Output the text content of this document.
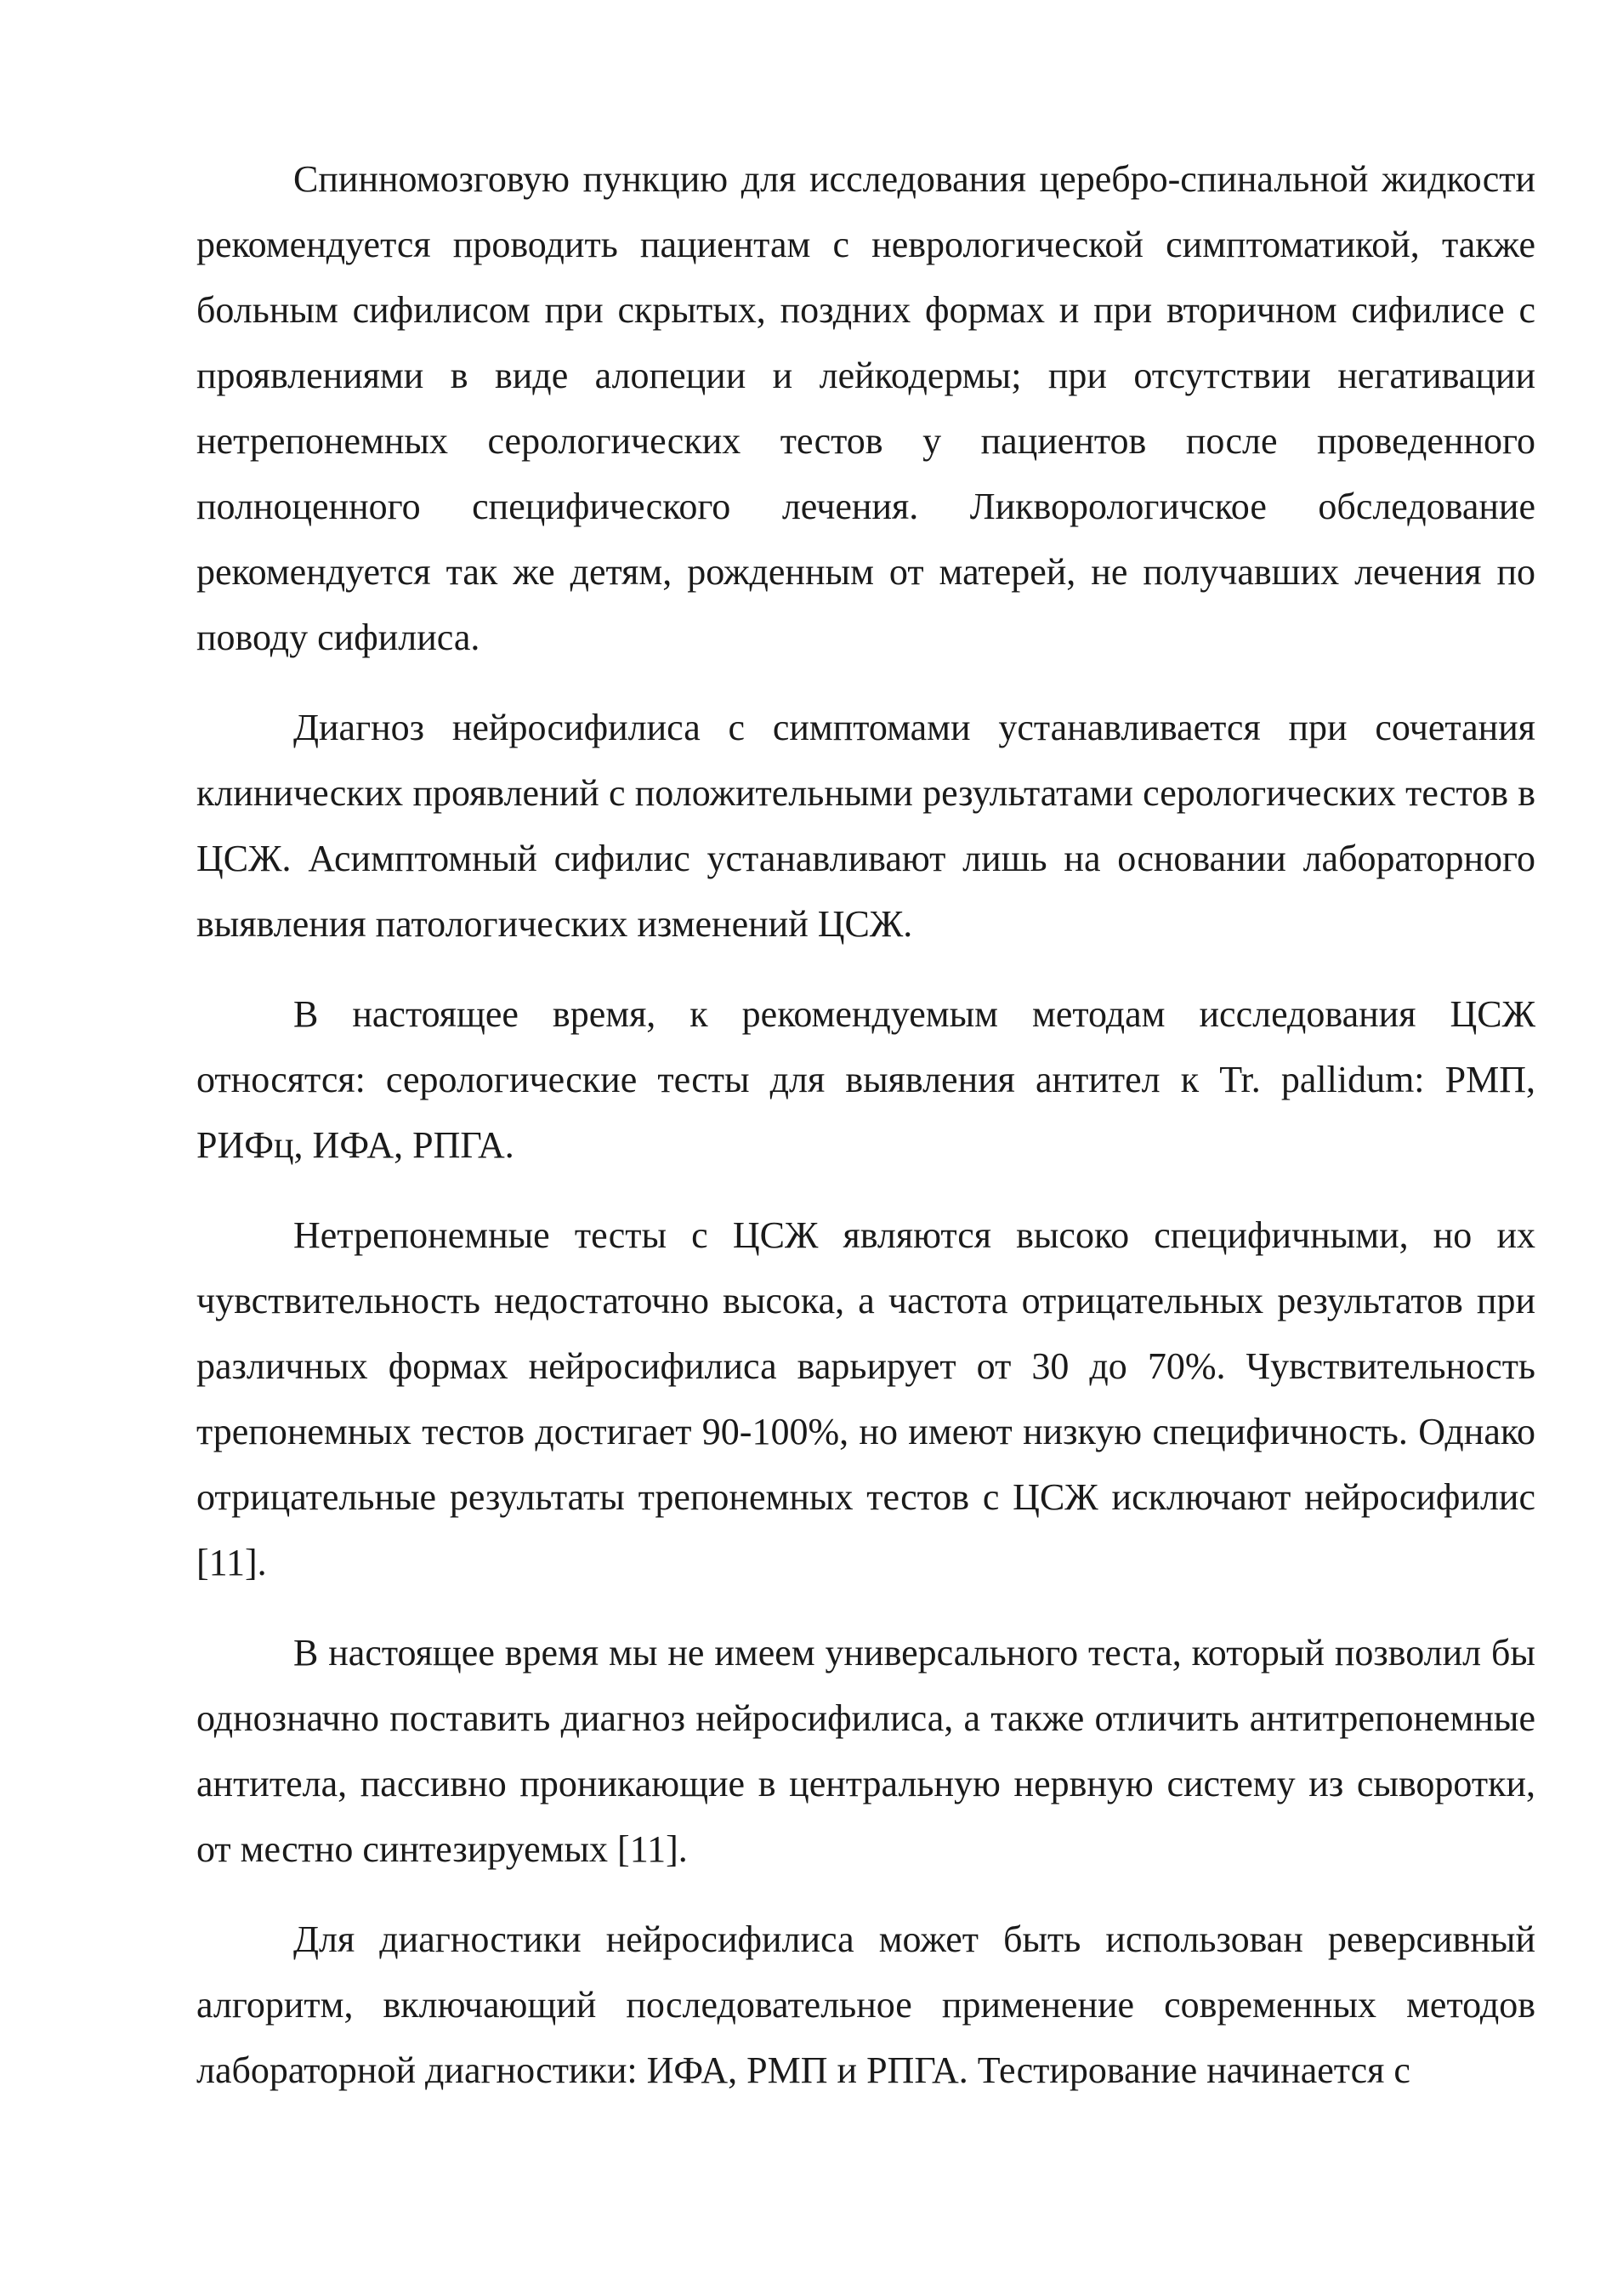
Спинномозговую пункцию для исследования церебро-спинальной жидкости рекомендуется проводить пациентам с неврологической симптоматикой, также больным сифилисом при скрытых, поздних формах и при вторичном сифилисе с проявлениями в виде алопеции и лейкодермы; при отсутствии негативации нетрепонемных серологических тестов у пациентов после проведенного полноценного специфического лечения. Ликворологичское обследование рекомендуется так же детям, рожденным от матерей, не получавших лечения по поводу сифилиса.

Диагноз нейросифилиса с симптомами устанавливается при сочетания клинических проявлений с положительными результатами серологических тестов в ЦСЖ. Асимптомный сифилис устанавливают лишь на основании лабораторного выявления патологических изменений ЦСЖ.

В настоящее время, к рекомендуемым методам исследования ЦСЖ относятся: серологические тесты для выявления антител к Tr. pallidum: РМП, РИФц, ИФА, РПГА.

Нетрепонемные тесты с ЦСЖ являются высоко специфичными, но их чувствительность недостаточно высока, а частота отрицательных результатов при различных формах нейросифилиса варьирует от 30 до 70%. Чувствительность трепонемных тестов достигает 90-100%, но имеют низкую специфичность. Однако отрицательные результаты трепонемных тестов с ЦСЖ исключают нейросифилис [11].

В настоящее время мы не имеем универсального теста, который позволил бы однозначно поставить диагноз нейросифилиса, а также отличить антитрепонемные антитела, пассивно проникающие в центральную нервную систему из сыворотки, от местно синтезируемых [11].

Для диагностики нейросифилиса может быть использован реверсивный алгоритм, включающий последовательное применение современных методов лабораторной диагностики: ИФА, РМП и РПГА. Тестирование начинается с
